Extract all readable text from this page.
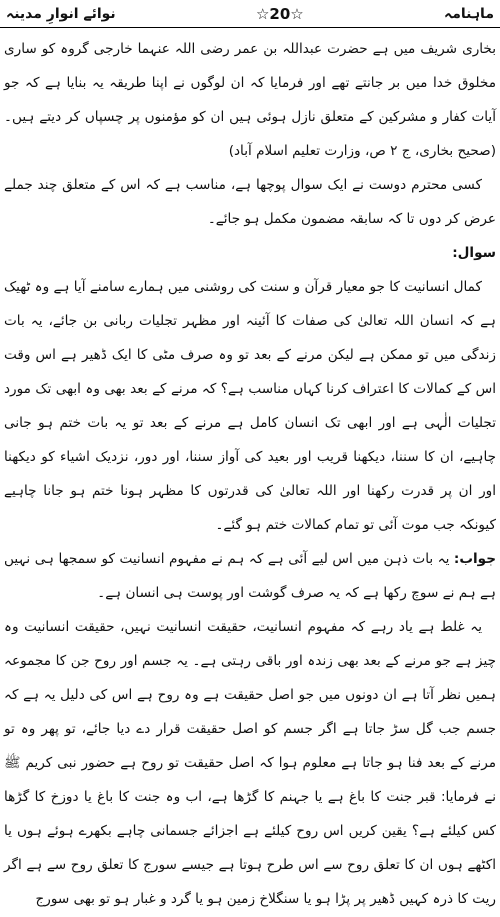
ماہنامہ
☆20☆
نوائے انوارِ مدینہ

بخاری شریف میں ہے حضرت عبداللہ بن عمر رضی اللہ عنہما خارجی گروہ کو ساری مخلوق خدا میں بر جانتے تھے اور فرمایا کہ ان لوگوں نے اپنا طریقہ یہ بنایا ہے کہ جو آیات کفار و مشرکین کے متعلق نازل ہوئی ہیں ان کو مؤمنوں پر چسپاں کر دیتے ہیں۔ (صحیح بخاری، ج ۲ ص، وزارت تعلیم اسلام آباد)

کسی محترم دوست نے ایک سوال پوچھا ہے، مناسب ہے کہ اس کے متعلق چند جملے عرض کر دوں تا کہ سابقہ مضمون مکمل ہو جائے۔

سوال:

کمال انسانیت کا جو معیار قرآن و سنت کی روشنی میں ہمارے سامنے آیا ہے وہ ٹھیک ہے کہ انسان اللہ تعالیٰ کی صفات کا آئینہ اور مظہر تجلیات ربانی بن جائے، یہ بات زندگی میں تو ممکن ہے لیکن مرنے کے بعد تو وہ صرف مٹی کا ایک ڈھیر ہے اس وقت اس کے کمالات کا اعتراف کرنا کہاں مناسب ہے؟ کہ مرنے کے بعد بھی وہ ابھی تک مورد تجلیات الٰہی ہے اور ابھی تک انسان کامل ہے مرنے کے بعد تو یہ بات ختم ہو جانی چاہیے، ان کا سننا، دیکھنا قریب اور بعید کی آواز سننا، اور دور، نزدیک اشیاء کو دیکھنا اور ان پر قدرت رکھنا اور اللہ تعالیٰ کی قدرتوں کا مظہر ہونا ختم ہو جانا چاہیے کیونکہ جب موت آئی تو تمام کمالات ختم ہو گئے۔

جواب: یہ بات ذہن میں اس لیے آئی ہے کہ ہم نے مفہوم انسانیت کو سمجھا ہی نہیں ہے ہم نے سوچ رکھا ہے کہ یہ صرف گوشت اور پوست ہی انسان ہے۔

یہ غلط ہے یاد رہے کہ مفہوم انسانیت، حقیقت انسانیت نہیں، حقیقت انسانیت وہ چیز ہے جو مرنے کے بعد بھی زندہ اور باقی رہتی ہے۔ یہ جسم اور روح جن کا مجموعہ ہمیں نظر آتا ہے ان دونوں میں جو اصل حقیقت ہے وہ روح ہے اس کی دلیل یہ ہے کہ جسم جب گل سڑ جاتا ہے اگر جسم کو اصل حقیقت قرار دے دیا جائے، تو پھر وہ تو مرنے کے بعد فنا ہو جاتا ہے معلوم ہوا کہ اصل حقیقت تو روح ہے حضور نبی کریم ﷺ نے فرمایا: قبر جنت کا باغ ہے یا جہنم کا گڑھا ہے، اب وہ جنت کا باغ یا دوزخ کا گڑھا کس کیلئے ہے؟ یقین کریں اس روح کیلئے ہے اجزائے جسمانی چاہے بکھرے ہوئے ہوں یا اکٹھے ہوں ان کا تعلق روح سے اس طرح ہوتا ہے جیسے سورج کا تعلق روح سے ہے اگر ریت کا ذرہ کہیں ڈھیر پر پڑا ہو یا سنگلاخ زمین ہو یا گرد و غبار ہو تو بھی سورج
